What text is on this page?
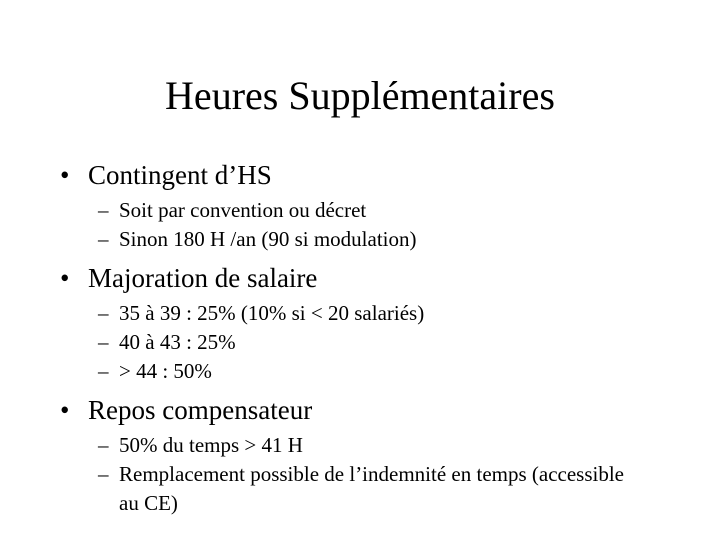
Heures Supplémentaires
• Contingent d’HS
– Soit par convention ou décret
– Sinon 180 H /an (90 si modulation)
• Majoration de salaire
– 35 à 39 : 25% (10% si < 20 salariés)
– 40 à 43 : 25%
– > 44 : 50%
• Repos compensateur
– 50% du temps > 41 H
– Remplacement possible de l’indemnité en temps (accessible au CE)
